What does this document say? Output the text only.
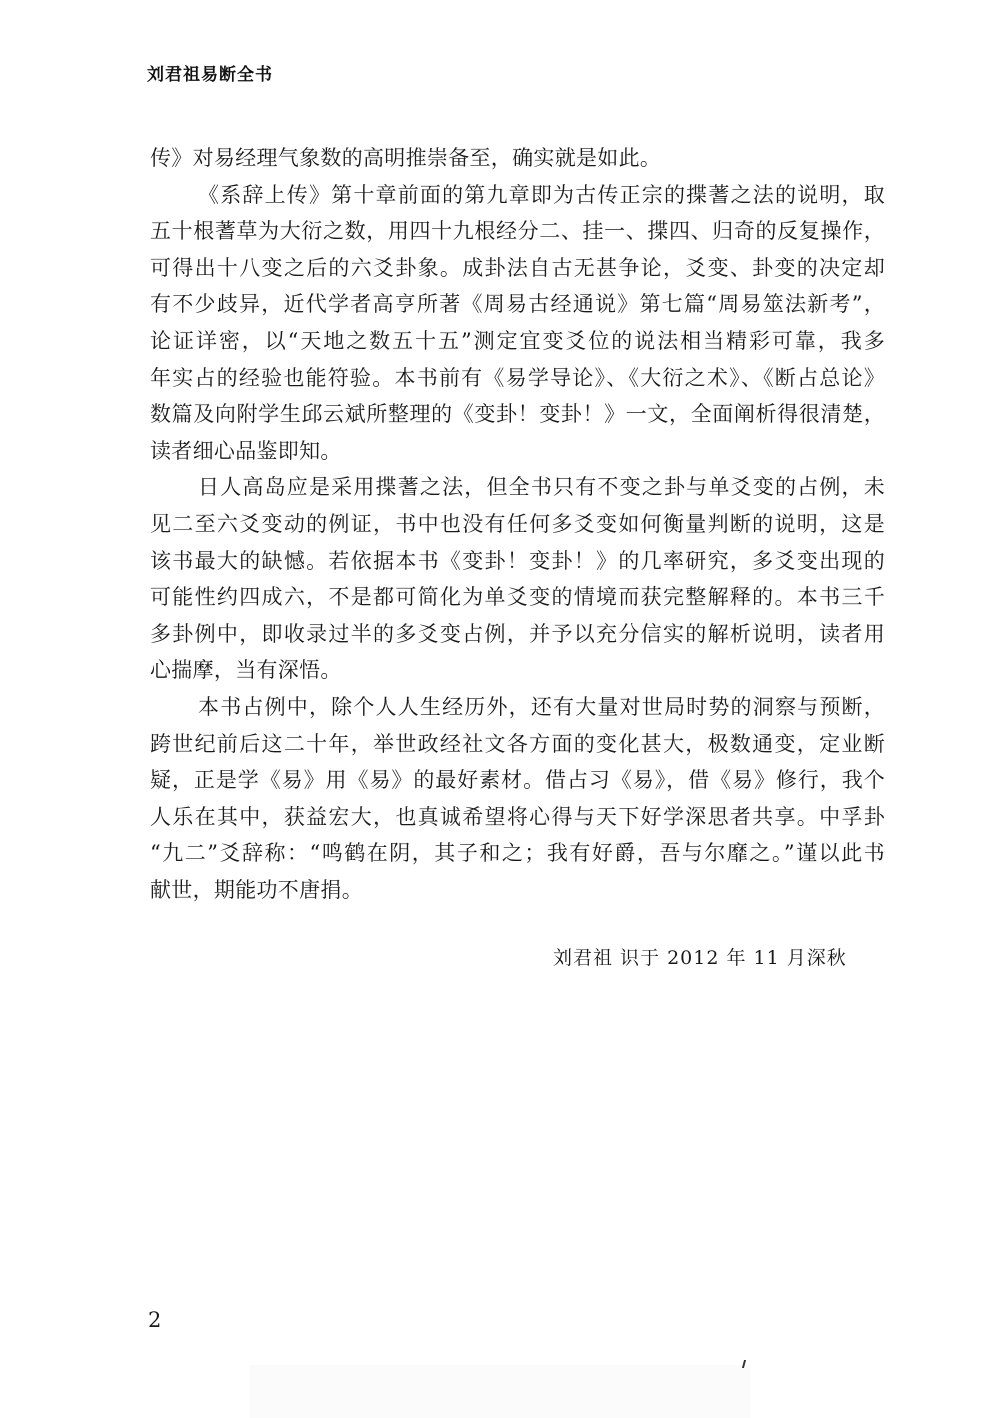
刘君祖易断全书
传》对易经理气象数的高明推崇备至，确实就是如此。
《系辞上传》第十章前面的第九章即为古传正宗的揲蓍之法的说明，取
五十根蓍草为大衍之数，用四十九根经分二、挂一、揲四、归奇的反复操作，
可得出十八变之后的六爻卦象。成卦法自古无甚争论，爻变、卦变的决定却
有不少歧异，近代学者高亨所著《周易古经通说》第七篇“周易筮法新考”，
论证详密，以“天地之数五十五”测定宜变爻位的说法相当精彩可靠，我多
年实占的经验也能符验。本书前有《易学导论》、《大衍之术》、《断占总论》
数篇及向附学生邱云斌所整理的《变卦！变卦！》一文，全面阐析得很清楚，
读者细心品鉴即知。
日人高岛应是采用揲蓍之法，但全书只有不变之卦与单爻变的占例，未
见二至六爻变动的例证，书中也没有任何多爻变如何衡量判断的说明，这是
该书最大的缺憾。若依据本书《变卦！变卦！》的几率研究，多爻变出现的
可能性约四成六，不是都可简化为单爻变的情境而获完整解释的。本书三千
多卦例中，即收录过半的多爻变占例，并予以充分信实的解析说明，读者用
心揣摩，当有深悟。
本书占例中，除个人人生经历外，还有大量对世局时势的洞察与预断，
跨世纪前后这二十年，举世政经社文各方面的变化甚大，极数通变，定业断
疑，正是学《易》用《易》的最好素材。借占习《易》，借《易》修行，我个
人乐在其中，获益宏大，也真诚希望将心得与天下好学深思者共享。中孚卦
“九二”爻辞称：“鸣鹤在阴，其子和之；我有好爵，吾与尔靡之。”谨以此书
献世，期能功不唐捐。
刘君祖 识于 2012 年 11 月深秋
2
